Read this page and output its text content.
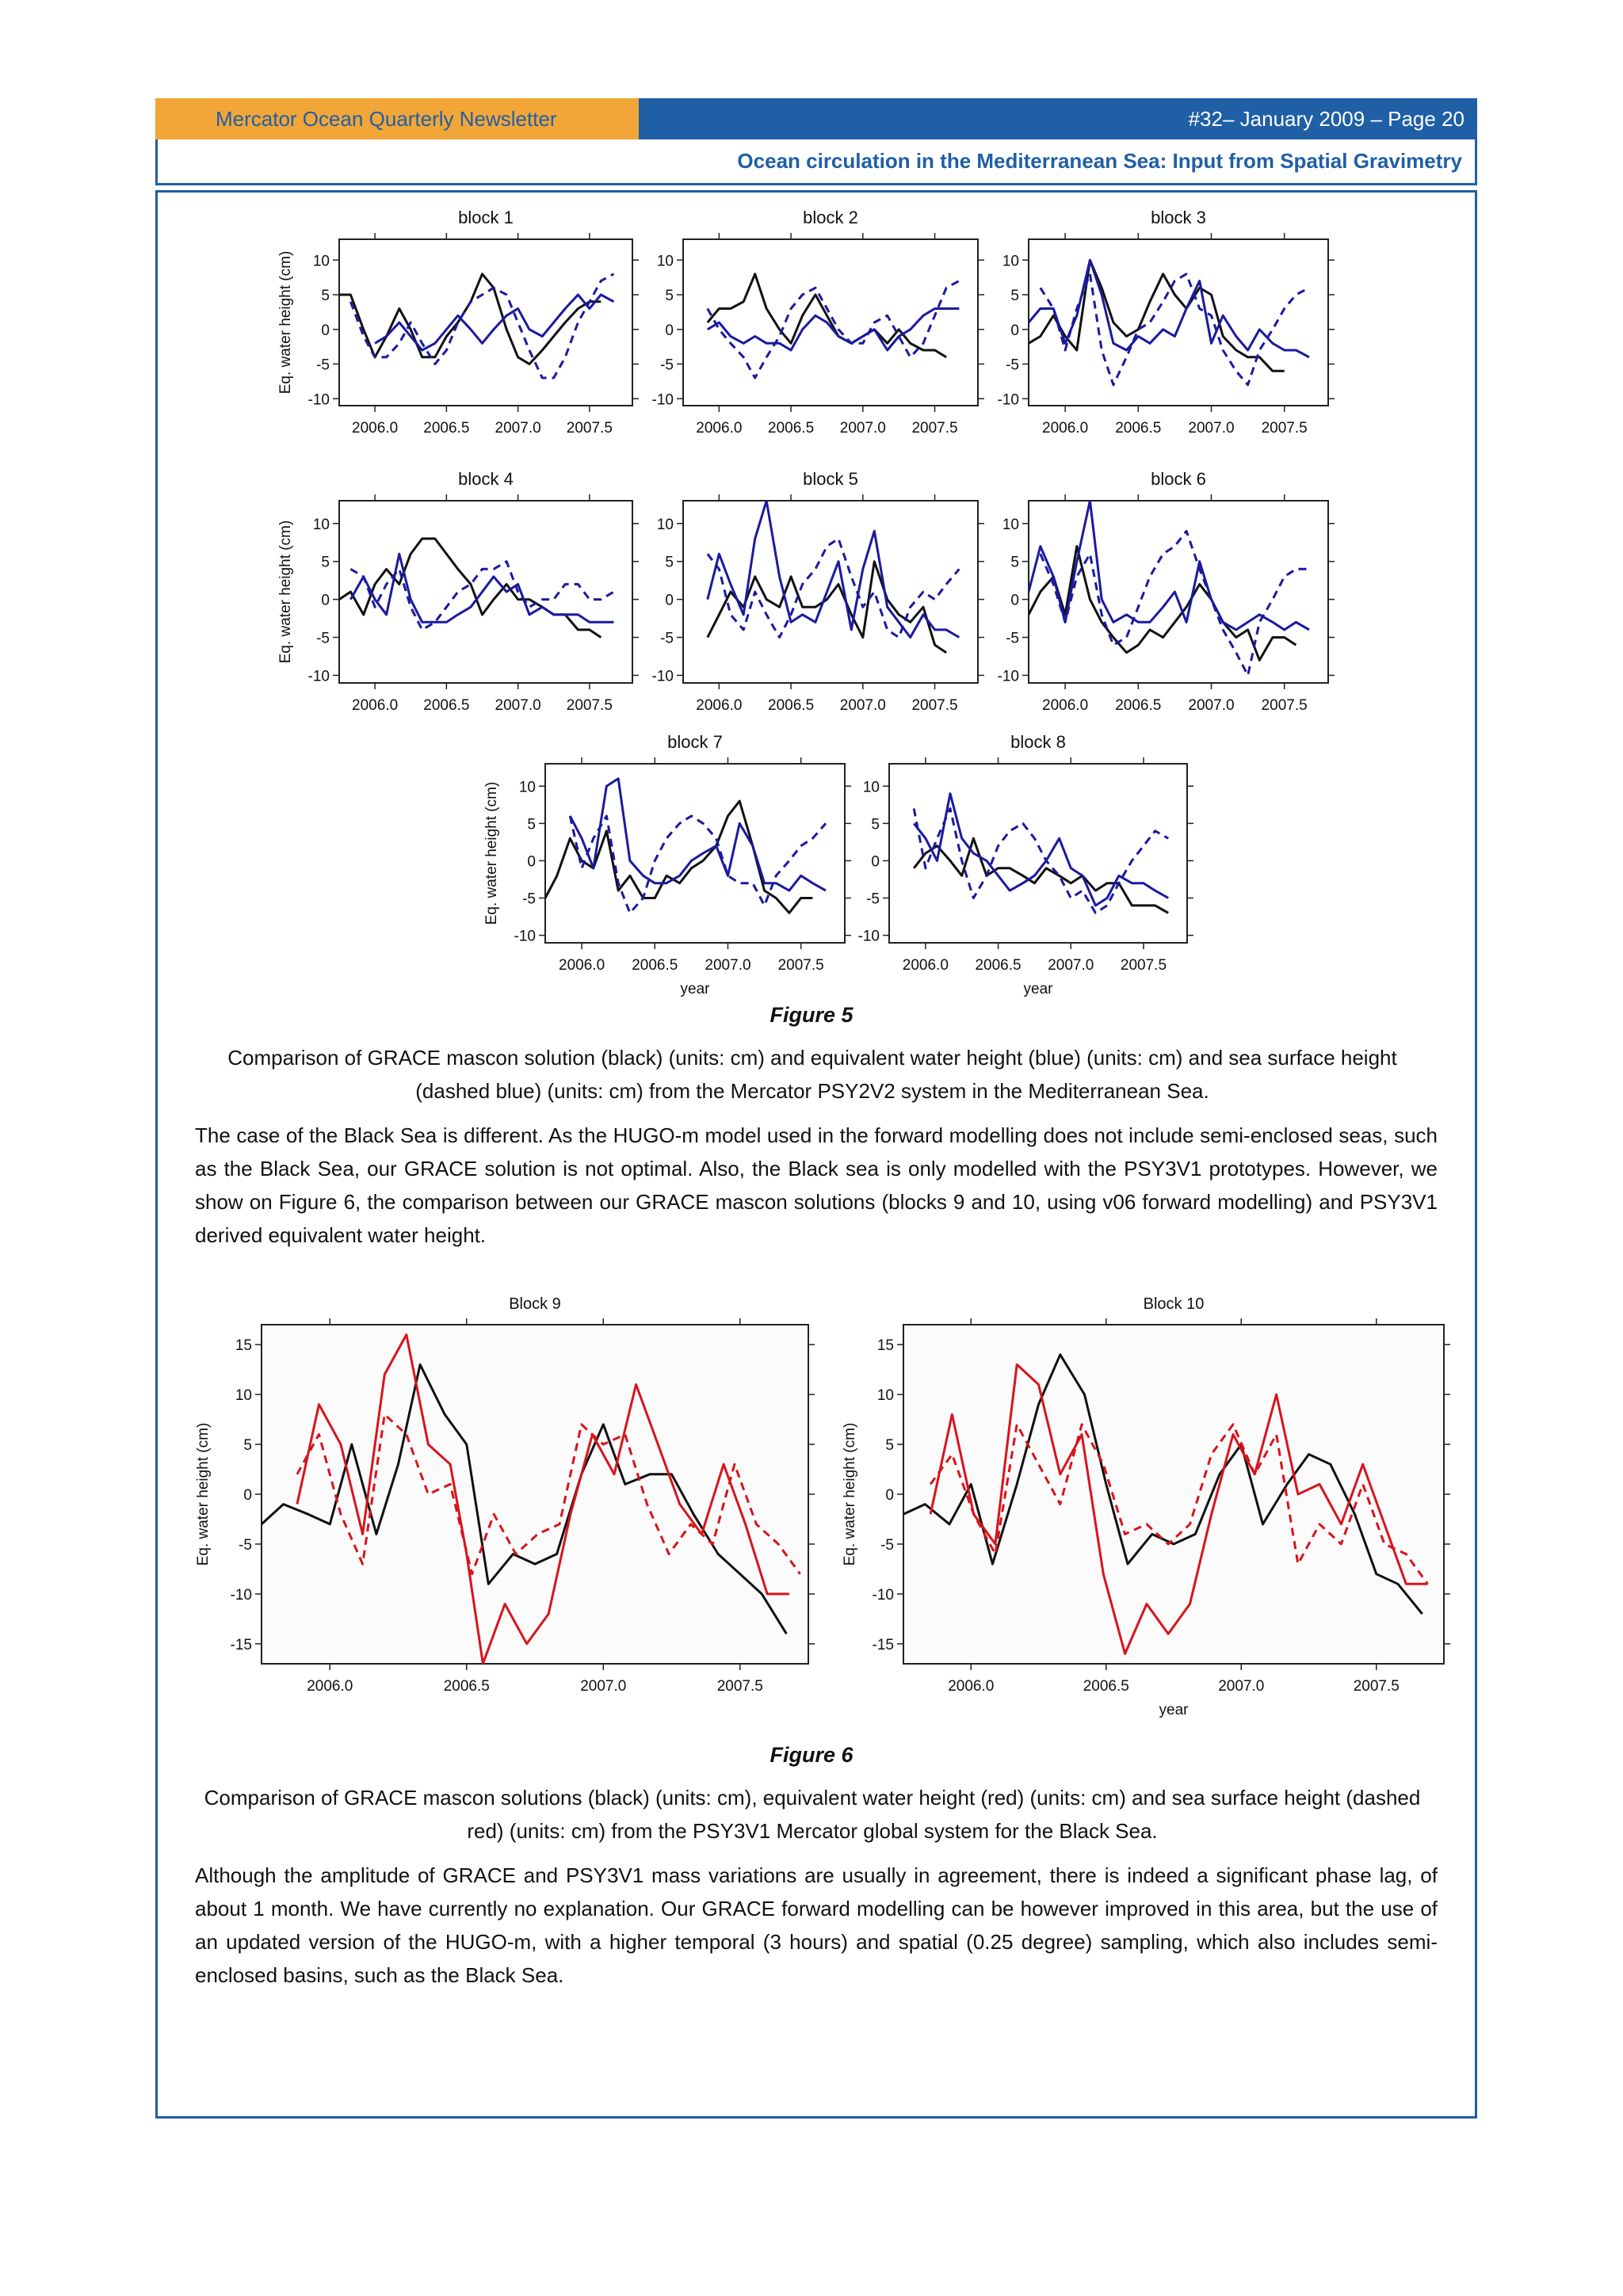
Mercator Ocean Quarterly Newsletter	#32– January 2009 – Page 20
Ocean circulation in the Mediterranean Sea: Input from Spatial Gravimetry
-10
-5
0
5
10
2006.0 2006.5 2007.0 2007.5
block 1
Eq. water height (cm)
-10
-5
0
5
10
2006.0 2006.5 2007.0 2007.5
block 2
-10
-5
0
5
10
2006.0 2006.5 2007.0 2007.5
block 3
-10
-5
0
5
10
2006.0 2006.5 2007.0 2007.5
block 4
Eq. water height (cm)
-10
-5
0
5
10
2006.0 2006.5 2007.0 2007.5
block 5
-10
-5
0
5
10
2006.0 2006.5 2007.0 2007.5
block 6
-10
-5
0
5
10
2006.0 2006.5 2007.0 2007.5
block 7
Eq. water height (cm)
year
-10
-5
0
5
10
2006.0 2006.5 2007.0 2007.5
block 8
year
Figure 5
Comparison of GRACE mascon solution (black) (units: cm) and equivalent water height (blue) (units: cm) and sea surface height (dashed blue) (units: cm) from the Mercator PSY2V2 system in the Mediterranean Sea.
The case of the Black Sea is different. As the HUGO-m model used in the forward modelling does not include semi-enclosed seas, such as the Black Sea, our GRACE solution is not optimal. Also, the Black sea is only modelled with the PSY3V1 prototypes. However, we show on Figure 6, the comparison between our GRACE mascon solutions (blocks 9 and 10, using v06 forward modelling) and PSY3V1 derived equivalent water height.
-15
-10
-5
0
5
10
15
2006.0	2006.5	2007.0	2007.5
Block 9
Eq. water height (cm)
-15
-10
-5
0
5
10
15
2006.0	2006.5	2007.0	2007.5
Block 10
Eq. water height (cm)
year
Figure 6
Comparison of GRACE mascon solutions (black) (units: cm), equivalent water height (red) (units: cm) and sea surface height (dashed red) (units: cm) from the PSY3V1 Mercator global system for the Black Sea.
Although the amplitude of GRACE and PSY3V1 mass variations are usually in agreement, there is indeed a significant phase lag, of about 1 month. We have currently no explanation. Our GRACE forward modelling can be however improved in this area, but the use of an updated version of the HUGO-m, with a higher temporal (3 hours) and spatial (0.25 degree) sampling, which also includes semi-enclosed basins, such as the Black Sea.
